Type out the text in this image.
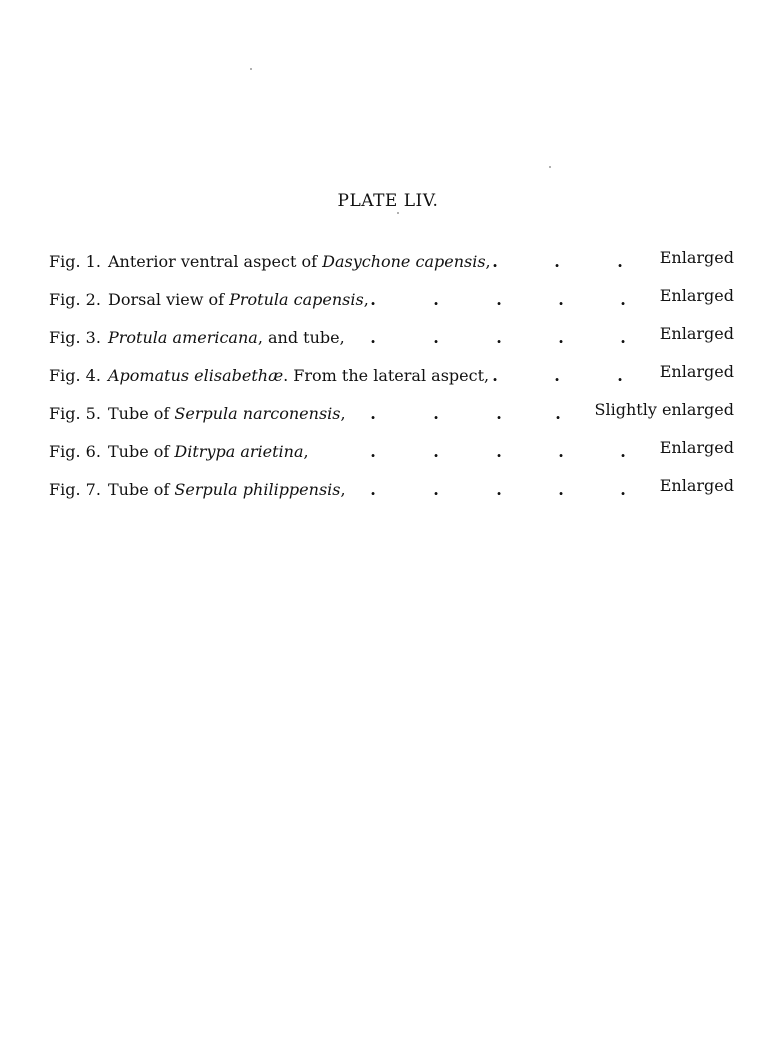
PLATE LIV.
Fig. 1. Anterior ventral aspect of Dasychone capensis, .	.	. Enlarged
Fig. 2. Dorsal view of Protula capensis, .	.	.	.	. Enlarged
Fig. 3. Protula americana, and tube, .	.	.	.	. Enlarged
Fig. 4. Apomatus elisabethæ. From the lateral aspect, .	.	. Enlarged
Fig. 5. Tube of Serpula narconensis, .	.	.	. Slightly enlarged
Fig. 6. Tube of Ditrypa arietina,	.	.	.	.	. Enlarged
Fig. 7. Tube of Serpula philippensis, .	.	.	.	. Enlarged
